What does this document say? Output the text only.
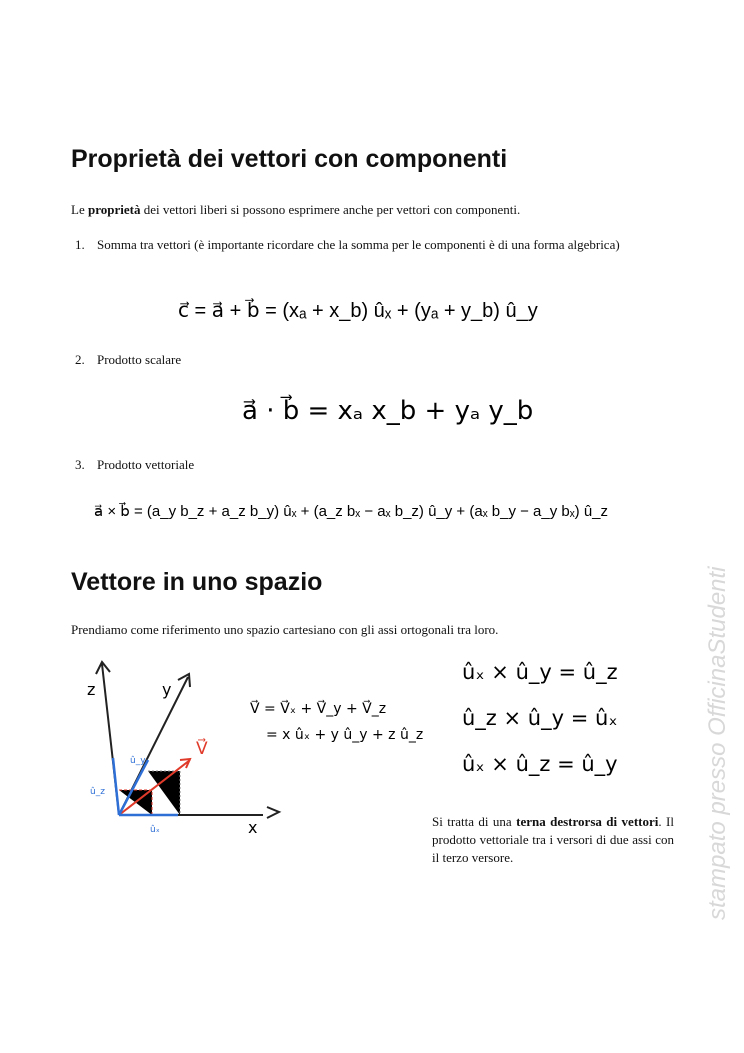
Proprietà dei vettori con componenti
Le proprietà dei vettori liberi si possono esprimere anche per vettori con componenti.
1. Somma tra vettori (è importante ricordare che la somma per le componenti è di una forma algebrica)
c⃗ = a⃗ + b⃗ = (xₐ + x_b) ûₓ + (yₐ + y_b) û_y
2. Prodotto scalare
a⃗ · b⃗ = xₐ x_b + yₐ y_b
3. Prodotto vettoriale
a⃗ × b⃗ = (a_y b_z + a_z b_y) ûₓ + (a_z bₓ − aₓ b_z) û_y + (aₓ b_y − a_y bₓ) û_z
Vettore in uno spazio
Prendiamo come riferimento uno spazio cartesiano con gli assi ortogonali tra loro.
z	y
x
V⃗
ûₓ
û_y
û_z
V⃗ = V⃗ₓ + V⃗_y + V⃗_z
= x ûₓ + y û_y + z û_z
ûₓ × û_y = û_z
û_z × û_y = ûₓ
ûₓ × û_z = û_y
Si tratta di una terna destrorsa di vettori. Il prodotto vettoriale tra i versori di due assi con il terzo versore.	stampato presso OfficinaStudenti
